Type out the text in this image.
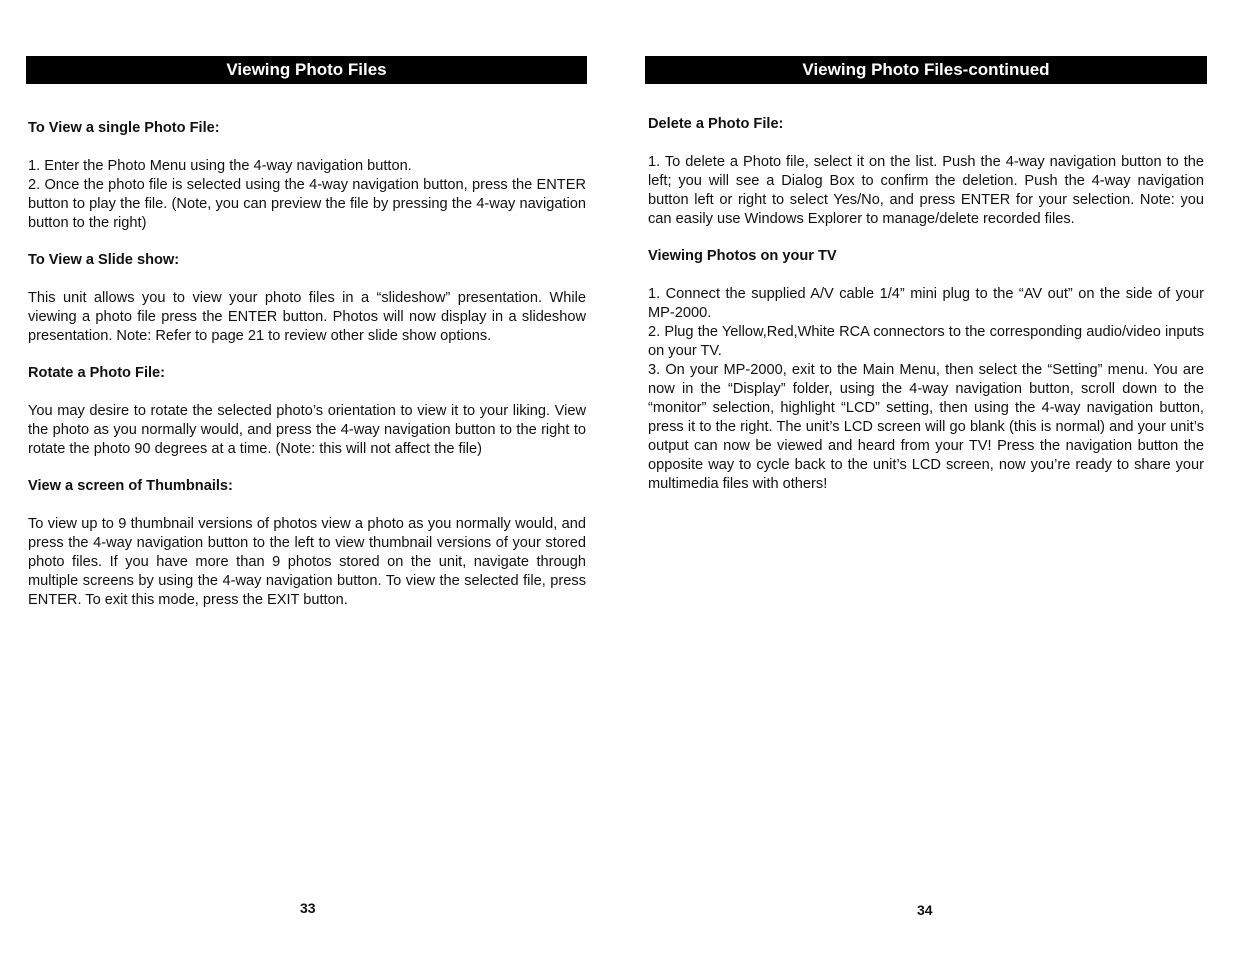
Viewing Photo Files
To View a single Photo File:

1. Enter the Photo Menu using the 4-way navigation button.

2. Once the photo file is selected using the 4-way navigation button, press the ENTER button to play the file. (Note, you can preview the file by pressing the 4-way navigation button to the right)

To View a Slide show:

This unit allows you to view your photo files in a “slideshow” presentation. While viewing a photo file press the ENTER button. Photos will now display in a slideshow presentation. Note: Refer to page 21 to review other slide show options.

Rotate a Photo File:

You may desire to rotate the selected photo’s orientation to view it to your liking. View the photo as you normally would, and press the 4-way navigation button to the right to rotate the photo 90 degrees at a time. (Note: this will not affect the file)

View a screen of Thumbnails:

To view up to 9 thumbnail versions of photos view a photo as you normally would, and press the 4-way navigation button to the left to view thumbnail versions of your stored photo files. If you have more than 9 photos stored on the unit, navigate through multiple screens by using the 4-way navigation button. To view the selected file, press ENTER. To exit this mode, press the EXIT button.

33
Viewing Photo Files-continued
Delete a Photo File:

1. To delete a Photo file, select it on the list. Push the 4-way navigation button to the left; you will see a Dialog Box to confirm the deletion. Push the 4-way navigation button left or right to select Yes/No, and press ENTER for your selection. Note: you can easily use Windows Explorer to manage/delete recorded files.

Viewing Photos on your TV

1. Connect the supplied A/V cable 1/4” mini plug to the “AV out” on the side of your MP-2000.

2. Plug the Yellow,Red,White RCA connectors to the corresponding audio/video inputs on your TV.

3. On your MP-2000, exit to the Main Menu, then select the “Setting” menu. You are now in the “Display” folder, using the 4-way navigation button, scroll down to the “monitor” selection, highlight “LCD” setting, then using the 4-way navigation button, press it to the right. The unit’s LCD screen will go blank (this is normal) and your unit’s output can now be viewed and heard from your TV! Press the navigation button the opposite way to cycle back to the unit’s LCD screen, now you’re ready to share your multimedia files with others!

34
